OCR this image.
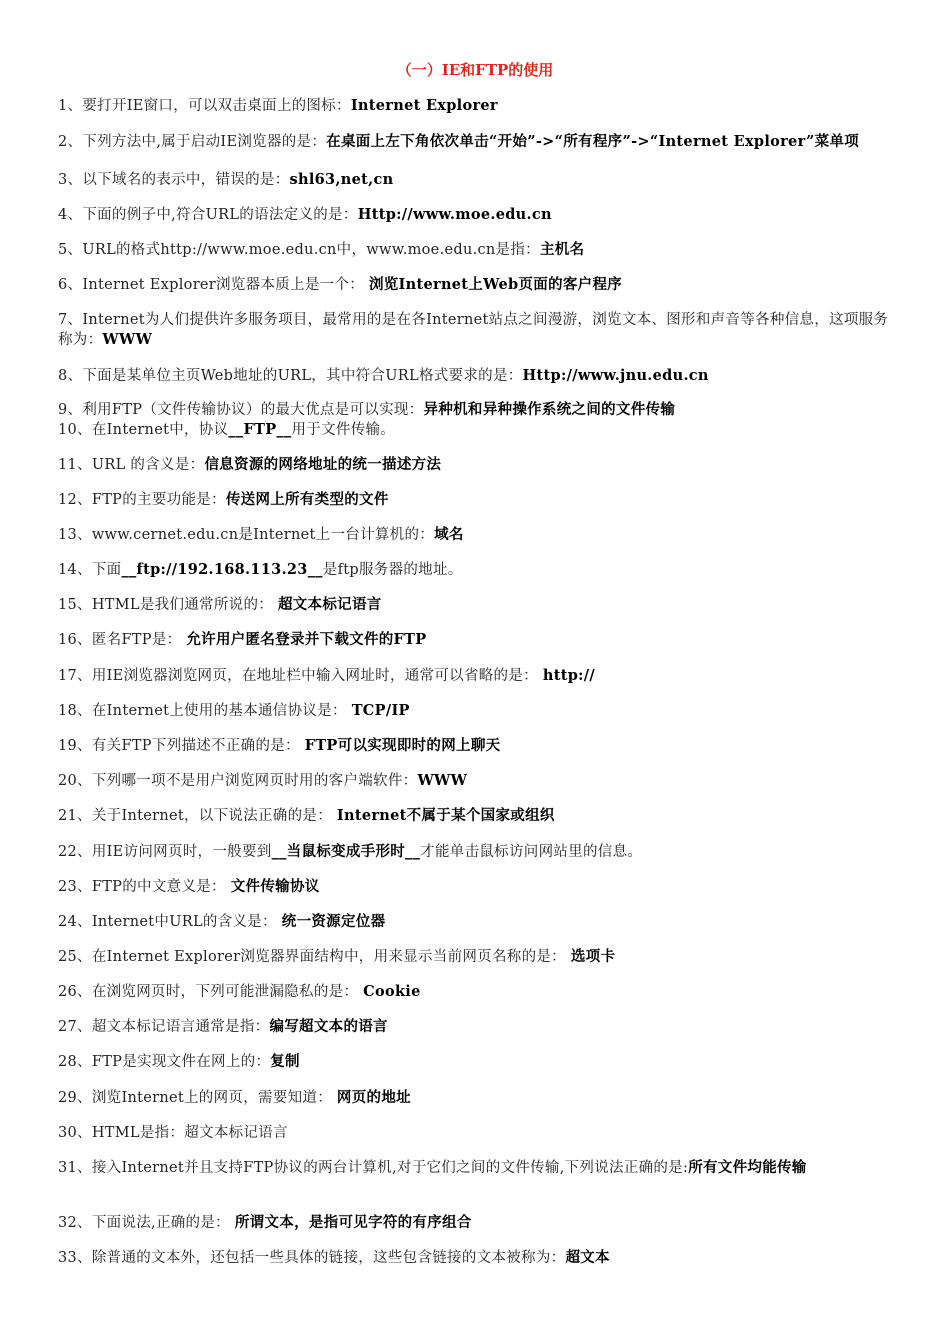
（一）IE和FTP的使用
1、要打开IE窗口，可以双击桌面上的图标：Internet Explorer
2、下列方法中,属于启动IE浏览器的是：在桌面上左下角依次单击“开始”->“所有程序”->“Internet Explorer”菜单项
3、以下域名的表示中，错误的是：shl63,net,cn
4、下面的例子中,符合URL的语法定义的是：Http://www.moe.edu.cn
5、URL的格式http://www.moe.edu.cn中，www.moe.edu.cn是指：主机名
6、Internet Explorer浏览器本质上是一个： 浏览Internet上Web页面的客户程序
7、Internet为人们提供许多服务项目，最常用的是在各Internet站点之间漫游，浏览文本、图形和声音等各种信息，这项服务称为：WWW
8、下面是某单位主页Web地址的URL，其中符合URL格式要求的是：Http://www.jnu.edu.cn
9、利用FTP（文件传输协议）的最大优点是可以实现：异种机和异种操作系统之间的文件传输
10、在Internet中，协议__FTP__用于文件传输。
11、URL 的含义是：信息资源的网络地址的统一描述方法
12、FTP的主要功能是：传送网上所有类型的文件
13、www.cernet.edu.cn是Internet上一台计算机的：域名
14、下面__ftp://192.168.113.23__是ftp服务器的地址。
15、HTML是我们通常所说的： 超文本标记语言
16、匿名FTP是： 允许用户匿名登录并下载文件的FTP
17、用IE浏览器浏览网页，在地址栏中输入网址时，通常可以省略的是： http://
18、在Internet上使用的基本通信协议是： TCP/IP
19、有关FTP下列描述不正确的是： FTP可以实现即时的网上聊天
20、下列哪一项不是用户浏览网页时用的客户端软件：WWW
21、关于Internet，以下说法正确的是： Internet不属于某个国家或组织
22、用IE访问网页时，一般要到__当鼠标变成手形时__才能单击鼠标访问网站里的信息。
23、FTP的中文意义是： 文件传输协议
24、Internet中URL的含义是： 统一资源定位器
25、在Internet Explorer浏览器界面结构中，用来显示当前网页名称的是： 选项卡
26、在浏览网页时，下列可能泄漏隐私的是： Cookie
27、超文本标记语言通常是指：编写超文本的语言
28、FTP是实现文件在网上的：复制
29、浏览Internet上的网页，需要知道： 网页的地址
30、HTML是指：超文本标记语言
31、接入Internet并且支持FTP协议的两台计算机,对于它们之间的文件传输,下列说法正确的是:所有文件均能传输
32、下面说法,正确的是： 所谓文本，是指可见字符的有序组合
33、除普通的文本外，还包括一些具体的链接，这些包含链接的文本被称为：超文本
